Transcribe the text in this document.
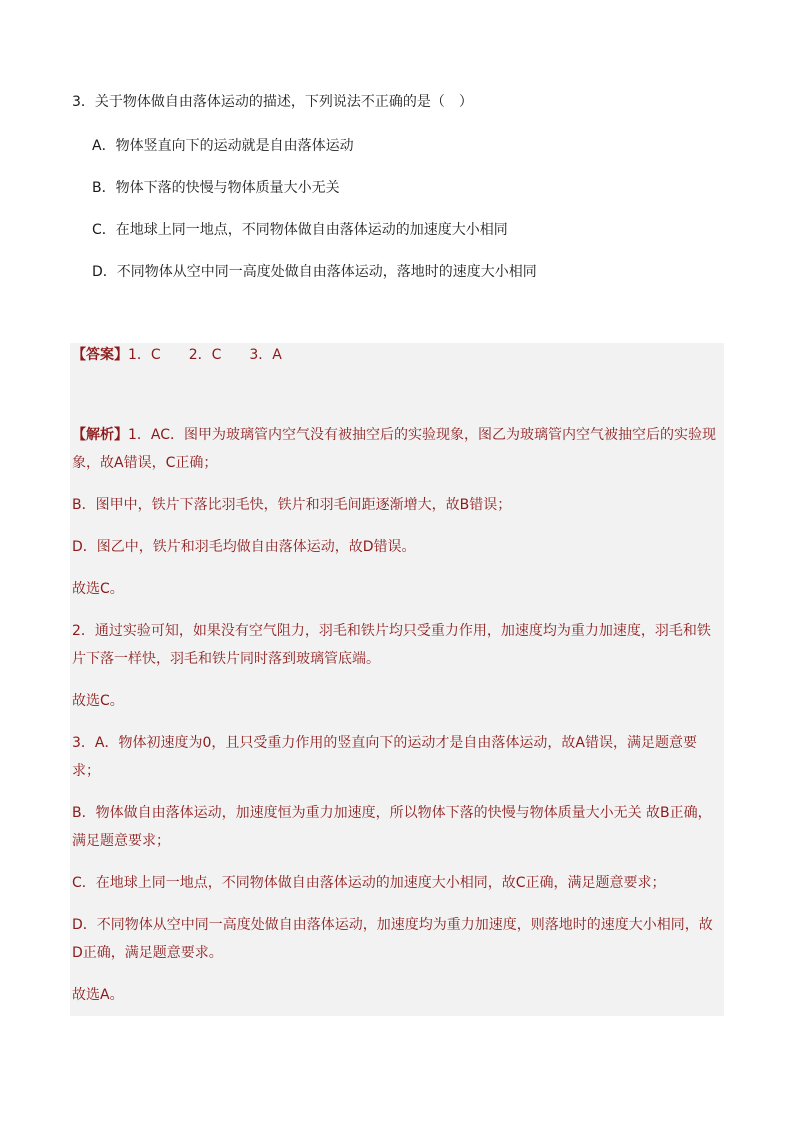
3．关于物体做自由落体运动的描述，下列说法不正确的是（　）
A．物体竖直向下的运动就是自由落体运动
B．物体下落的快慢与物体质量大小无关
C．在地球上同一地点，不同物体做自由落体运动的加速度大小相同
D．不同物体从空中同一高度处做自由落体运动，落地时的速度大小相同
【答案】1．C 2．C 3．A
【解析】1．AC．图甲为玻璃管内空气没有被抽空后的实验现象，图乙为玻璃管内空气被抽空后的实验现象，故A错误，C正确；
B．图甲中，铁片下落比羽毛快，铁片和羽毛间距逐渐增大，故B错误；
D．图乙中，铁片和羽毛均做自由落体运动，故D错误。
故选C。
2．通过实验可知，如果没有空气阻力，羽毛和铁片均只受重力作用，加速度均为重力加速度，羽毛和铁片下落一样快，羽毛和铁片同时落到玻璃管底端。
故选C。
3．A．物体初速度为0，且只受重力作用的竖直向下的运动才是自由落体运动，故A错误，满足题意要求；
B．物体做自由落体运动，加速度恒为重力加速度，所以物体下落的快慢与物体质量大小无关 故B正确，满足题意要求；
C．在地球上同一地点，不同物体做自由落体运动的加速度大小相同，故C正确，满足题意要求；
D．不同物体从空中同一高度处做自由落体运动，加速度均为重力加速度，则落地时的速度大小相同，故D正确，满足题意要求。
故选A。
